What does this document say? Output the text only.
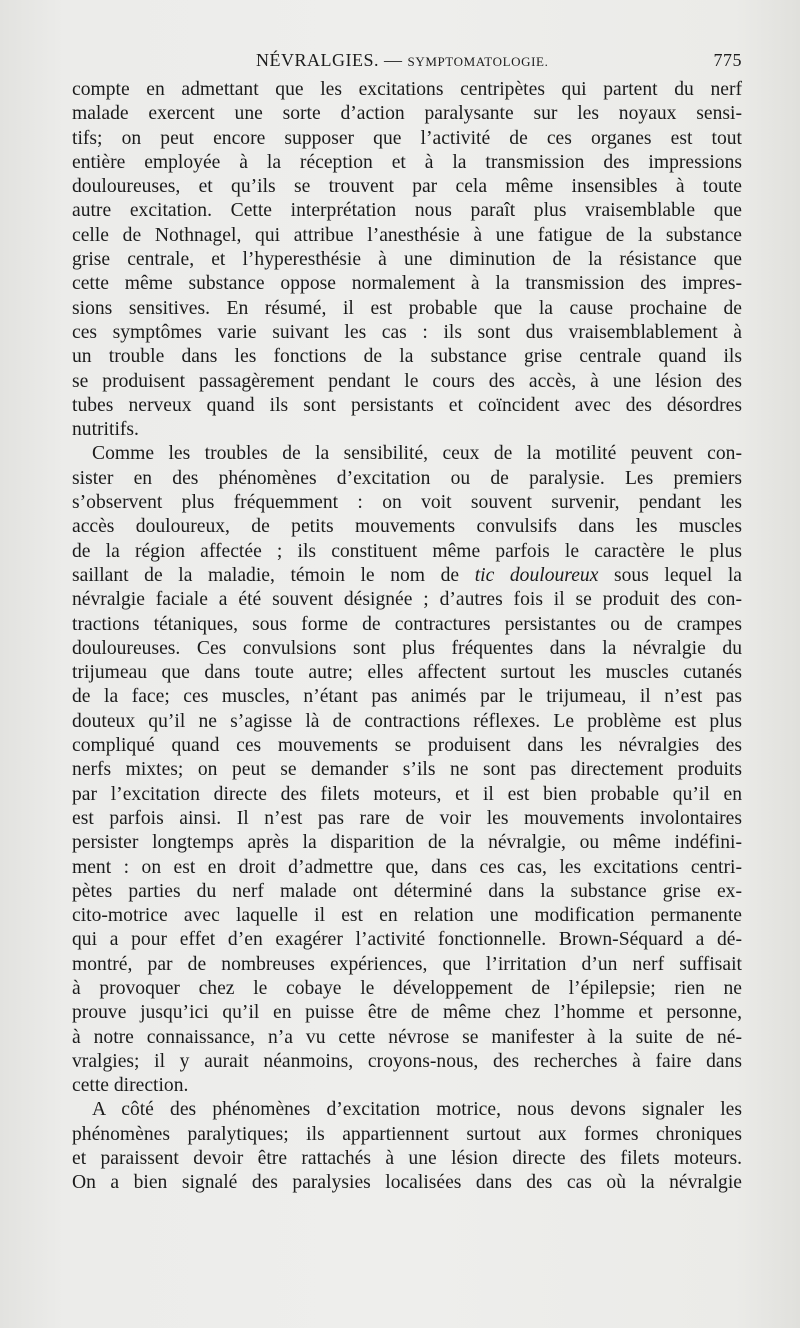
NÉVRALGIES. — SYMPTOMATOLOGIE.	775
compte en admettant que les excitations centripètes qui partent du nerf
malade exercent une sorte d’action paralysante sur les noyaux sensi-
tifs; on peut encore supposer que l’activité de ces organes est tout
entière employée à la réception et à la transmission des impressions
douloureuses, et qu’ils se trouvent par cela même insensibles à toute
autre excitation. Cette interprétation nous paraît plus vraisemblable que
celle de Nothnagel, qui attribue l’anesthésie à une fatigue de la substance
grise centrale, et l’hyperesthésie à une diminution de la résistance que
cette même substance oppose normalement à la transmission des impres-
sions sensitives. En résumé, il est probable que la cause prochaine de
ces symptômes varie suivant les cas : ils sont dus vraisemblablement à
un trouble dans les fonctions de la substance grise centrale quand ils
se produisent passagèrement pendant le cours des accès, à une lésion des
tubes nerveux quand ils sont persistants et coïncident avec des désordres
nutritifs.
Comme les troubles de la sensibilité, ceux de la motilité peuvent con-
sister en des phénomènes d’excitation ou de paralysie. Les premiers
s’observent plus fréquemment : on voit souvent survenir, pendant les
accès douloureux, de petits mouvements convulsifs dans les muscles
de la région affectée ; ils constituent même parfois le caractère le plus
saillant de la maladie, témoin le nom de tic douloureux sous lequel la
névralgie faciale a été souvent désignée ; d’autres fois il se produit des con-
tractions tétaniques, sous forme de contractures persistantes ou de crampes
douloureuses. Ces convulsions sont plus fréquentes dans la névralgie du
trijumeau que dans toute autre; elles affectent surtout les muscles cutanés
de la face; ces muscles, n’étant pas animés par le trijumeau, il n’est pas
douteux qu’il ne s’agisse là de contractions réflexes. Le problème est plus
compliqué quand ces mouvements se produisent dans les névralgies des
nerfs mixtes; on peut se demander s’ils ne sont pas directement produits
par l’excitation directe des filets moteurs, et il est bien probable qu’il en
est parfois ainsi. Il n’est pas rare de voir les mouvements involontaires
persister longtemps après la disparition de la névralgie, ou même indéfini-
ment : on est en droit d’admettre que, dans ces cas, les excitations centri-
pètes parties du nerf malade ont déterminé dans la substance grise ex-
cito-motrice avec laquelle il est en relation une modification permanente
qui a pour effet d’en exagérer l’activité fonctionnelle. Brown-Séquard a dé-
montré, par de nombreuses expériences, que l’irritation d’un nerf suffisait
à provoquer chez le cobaye le développement de l’épilepsie; rien ne
prouve jusqu’ici qu’il en puisse être de même chez l’homme et personne,
à notre connaissance, n’a vu cette névrose se manifester à la suite de né-
vralgies; il y aurait néanmoins, croyons-nous, des recherches à faire dans
cette direction.
A côté des phénomènes d’excitation motrice, nous devons signaler les
phénomènes paralytiques; ils appartiennent surtout aux formes chroniques
et paraissent devoir être rattachés à une lésion directe des filets moteurs.
On a bien signalé des paralysies localisées dans des cas où la névralgie
